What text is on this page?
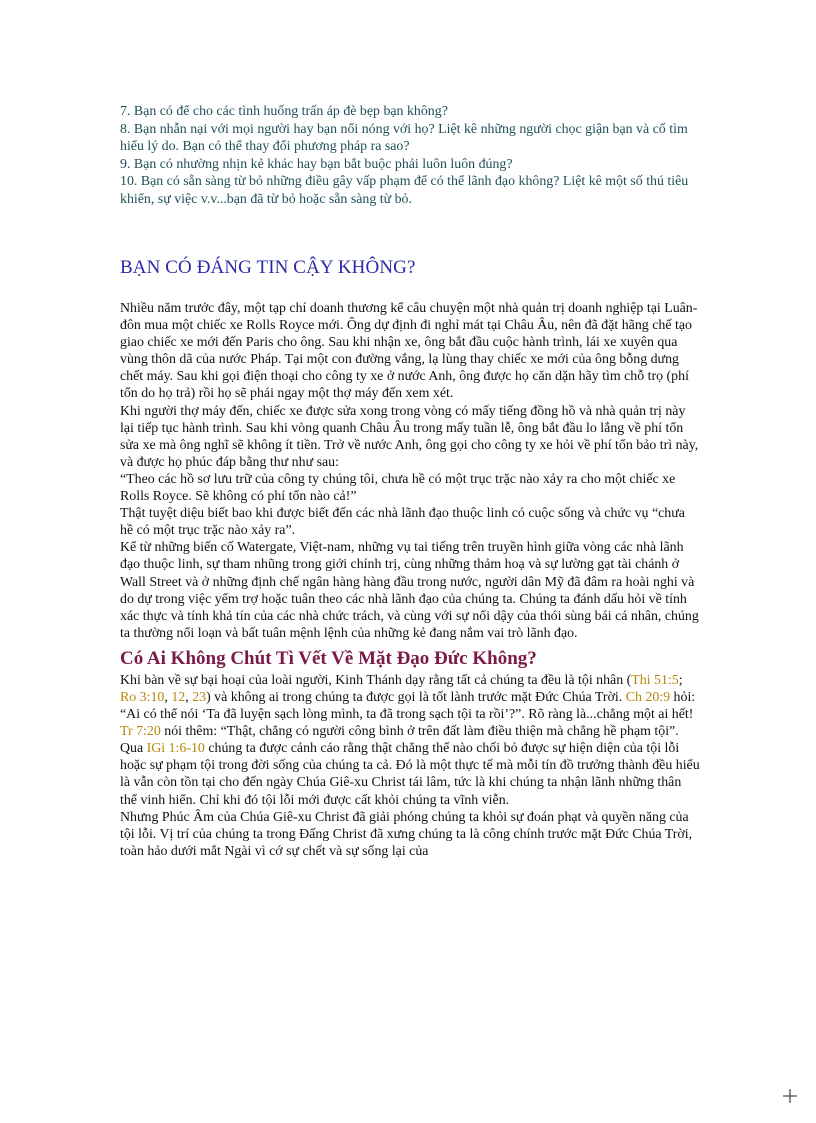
7. Bạn có để cho các tình huống trấn áp đè bẹp bạn không?

8. Bạn nhẫn nại với mọi người hay bạn nổi nóng với họ? Liệt kê những người chọc giận bạn và cố tìm hiểu lý do. Bạn có thể thay đổi phương pháp ra sao?

9. Bạn có nhường nhịn kẻ khác hay bạn bắt buộc phải luôn luôn đúng?

10. Bạn có sẵn sàng từ bỏ những điều gây vấp phạm để có thể lãnh đạo không? Liệt kê một số thú tiêu khiển, sự việc v.v...bạn đã từ bỏ hoặc sẵn sàng từ bỏ.

BẠN CÓ ĐÁNG TIN CẬY KHÔNG?

Nhiều năm trước đây, một tạp chí doanh thương kể câu chuyện một nhà quản trị doanh nghiệp tại Luân-đôn mua một chiếc xe Rolls Royce mới. Ông dự định đi nghỉ mát tại Châu Âu, nên đã đặt hãng chế tạo giao chiếc xe mới đến Paris cho ông. Sau khi nhận xe, ông bắt đầu cuộc hành trình, lái xe xuyên qua vùng thôn dã của nước Pháp. Tại một con đường vắng, lạ lùng thay chiếc xe mới của ông bỗng dưng chết máy. Sau khi gọi điện thoại cho công ty xe ở nước Anh, ông được họ căn dặn hãy tìm chỗ trọ (phí tổn do họ trả) rồi họ sẽ phái ngay một thợ máy đến xem xét.

Khi người thợ máy đến, chiếc xe được sửa xong trong vòng có mấy tiếng đồng hồ và nhà quản trị này lại tiếp tục hành trình. Sau khi vòng quanh Châu Âu trong mấy tuần lễ, ông bắt đầu lo lắng về phí tổn sửa xe mà ông nghĩ sẽ không ít tiền. Trở về nước Anh, ông gọi cho công ty xe hỏi về phí tổn bảo trì này, và được họ phúc đáp bằng thư như sau:

“Theo các hồ sơ lưu trữ của công ty chúng tôi, chưa hề có một trục trặc nào xảy ra cho một chiếc xe Rolls Royce. Sẽ không có phí tổn nào cả!”

Thật tuyệt diệu biết bao khi được biết đến các nhà lãnh đạo thuộc linh có cuộc sống và chức vụ “chưa hề có một trục trặc nào xảy ra”.

Kể từ những biến cố Watergate, Việt-nam, những vụ tai tiếng trên truyền hình giữa vòng các nhà lãnh đạo thuộc linh, sự tham nhũng trong giới chính trị, cùng những thảm hoạ và sự lường gạt tài chánh ở Wall Street và ở những định chế ngân hàng hàng đầu trong nước, người dân Mỹ đã đâm ra hoài nghi và do dự trong việc yểm trợ hoặc tuân theo các nhà lãnh đạo của chúng ta. Chúng ta đánh dấu hỏi về tính xác thực và tính khả tín của các nhà chức trách, và cùng với sự nổi dậy của thói sùng bái cá nhân, chúng ta thường nổi loạn và bất tuân mệnh lệnh của những kẻ đang nắm vai trò lãnh đạo.

Có Ai Không Chút Tì Vết Về Mặt Đạo Đức Không?

Khi bàn về sự bại hoại của loài người, Kinh Thánh dạy rằng tất cả chúng ta đều là tội nhân (Thi 51:5; Ro 3:10, 12, 23) và không ai trong chúng ta được gọi là tốt lành trước mặt Đức Chúa Trời. Ch 20:9 hỏi: “Ai có thể nói ‘Ta đã luyện sạch lòng mình, ta đã trong sạch tội ta rồi’?”. Rõ ràng là...chẳng một ai hết! Tr 7:20 nói thêm: “Thật, chẳng có người công bình ở trên đất làm điều thiện mà chẳng hề phạm tội”.

Qua IGi 1:6-10 chúng ta được cảnh cáo rằng thật chẳng thể nào chối bỏ được sự hiện diện của tội lỗi hoặc sự phạm tội trong đời sống của chúng ta cả. Đó là một thực tế mà mỗi tín đồ trưởng thành đều hiểu là vẫn còn tồn tại cho đến ngày Chúa Giê-xu Christ tái lâm, tức là khi chúng ta nhận lãnh những thân thể vinh hiển. Chỉ khi đó tội lỗi mới được cất khỏi chúng ta vĩnh viễn.

Nhưng Phúc Âm của Chúa Giê-xu Christ đã giải phóng chúng ta khỏi sự đoán phạt và quyền năng của tội lỗi. Vị trí của chúng ta trong Đấng Christ đã xưng chúng ta là công chính trước mặt Đức Chúa Trời, toàn hảo dưới mắt Ngài vì cớ sự chết và sự sống lại của
